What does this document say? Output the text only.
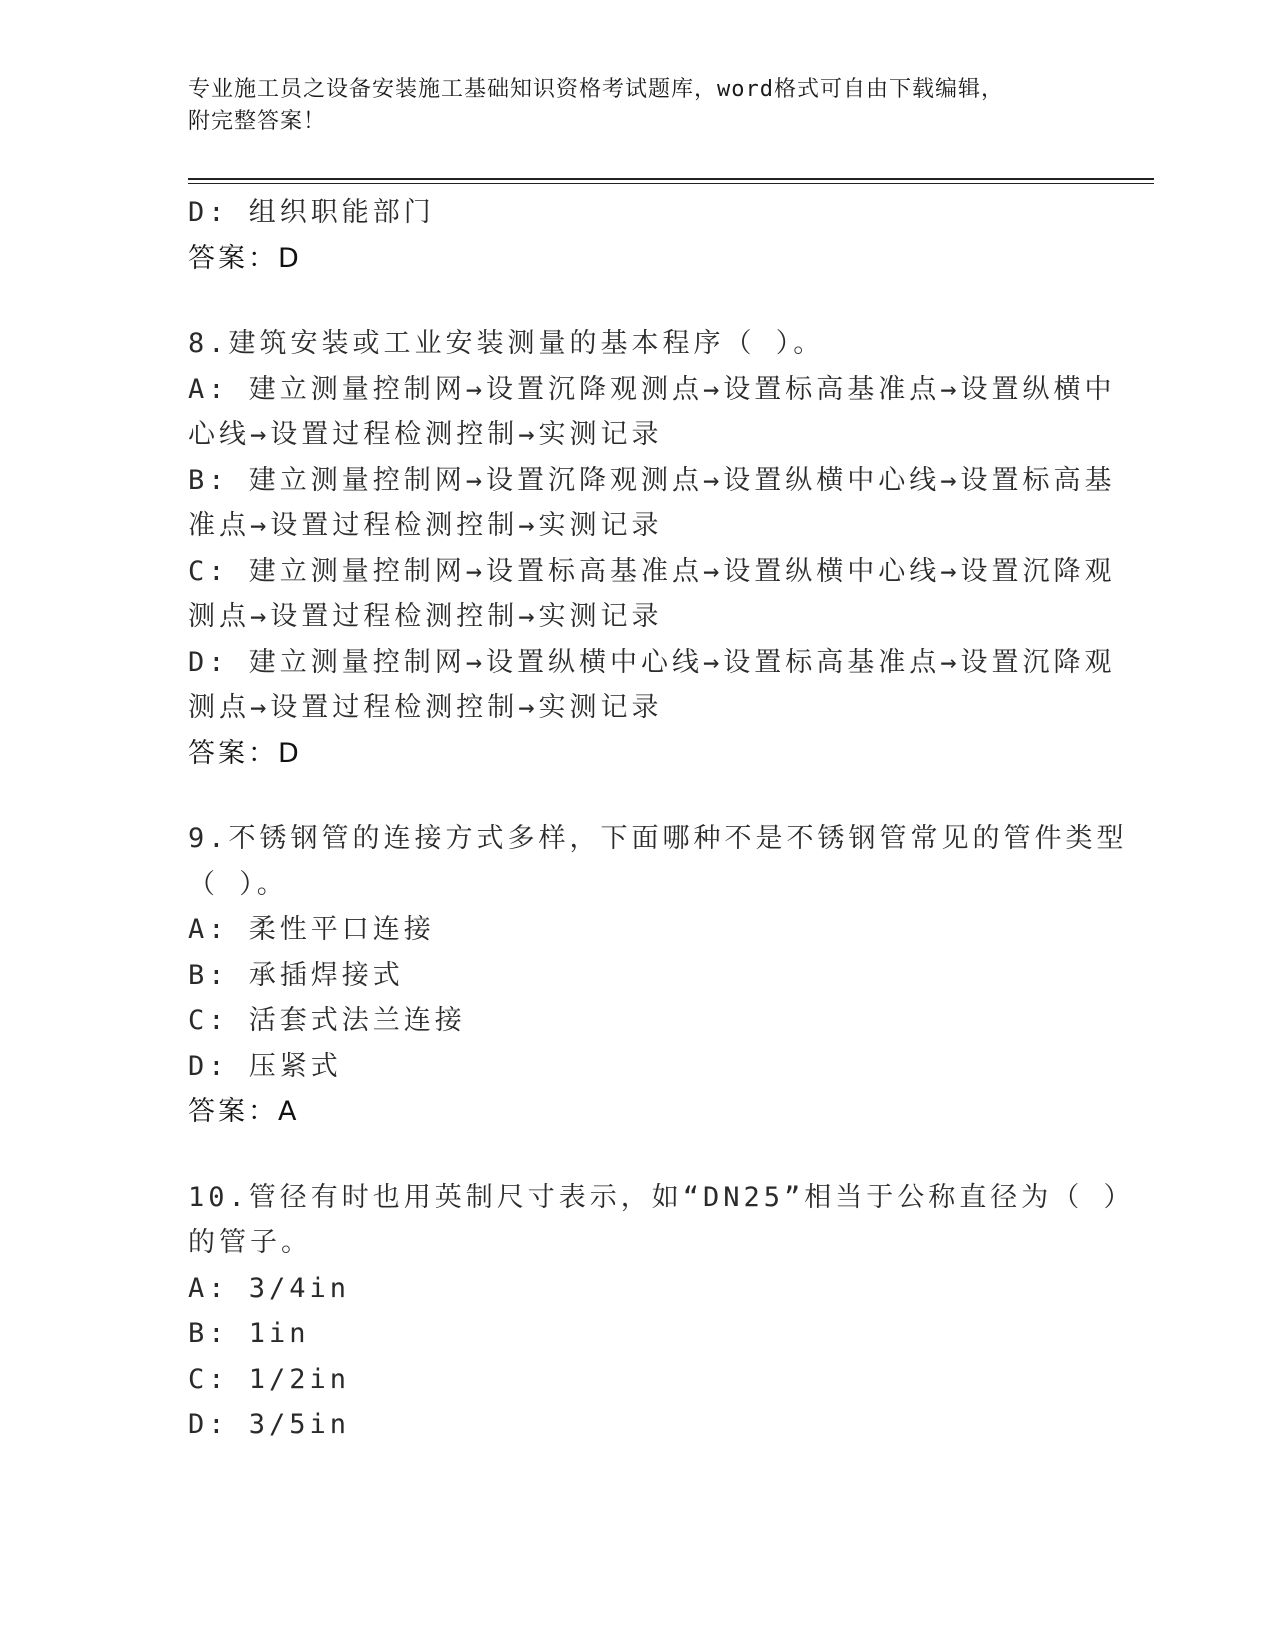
专业施工员之设备安装施工基础知识资格考试题库，word格式可自由下载编辑，
附完整答案！
D: 组织职能部门
答案：D
8.建筑安装或工业安装测量的基本程序（ ）。
A: 建立测量控制网→设置沉降观测点→设置标高基准点→设置纵横中
心线→设置过程检测控制→实测记录
B: 建立测量控制网→设置沉降观测点→设置纵横中心线→设置标高基
准点→设置过程检测控制→实测记录
C: 建立测量控制网→设置标高基准点→设置纵横中心线→设置沉降观
测点→设置过程检测控制→实测记录
D: 建立测量控制网→设置纵横中心线→设置标高基准点→设置沉降观
测点→设置过程检测控制→实测记录
答案：D
9.不锈钢管的连接方式多样，下面哪种不是不锈钢管常见的管件类型
（ ）。
A: 柔性平口连接
B: 承插焊接式
C: 活套式法兰连接
D: 压紧式
答案：A
10.管径有时也用英制尺寸表示，如“DN25”相当于公称直径为（ ）
的管子。
A: 3/4in
B: 1in
C: 1/2in
D: 3/5in
